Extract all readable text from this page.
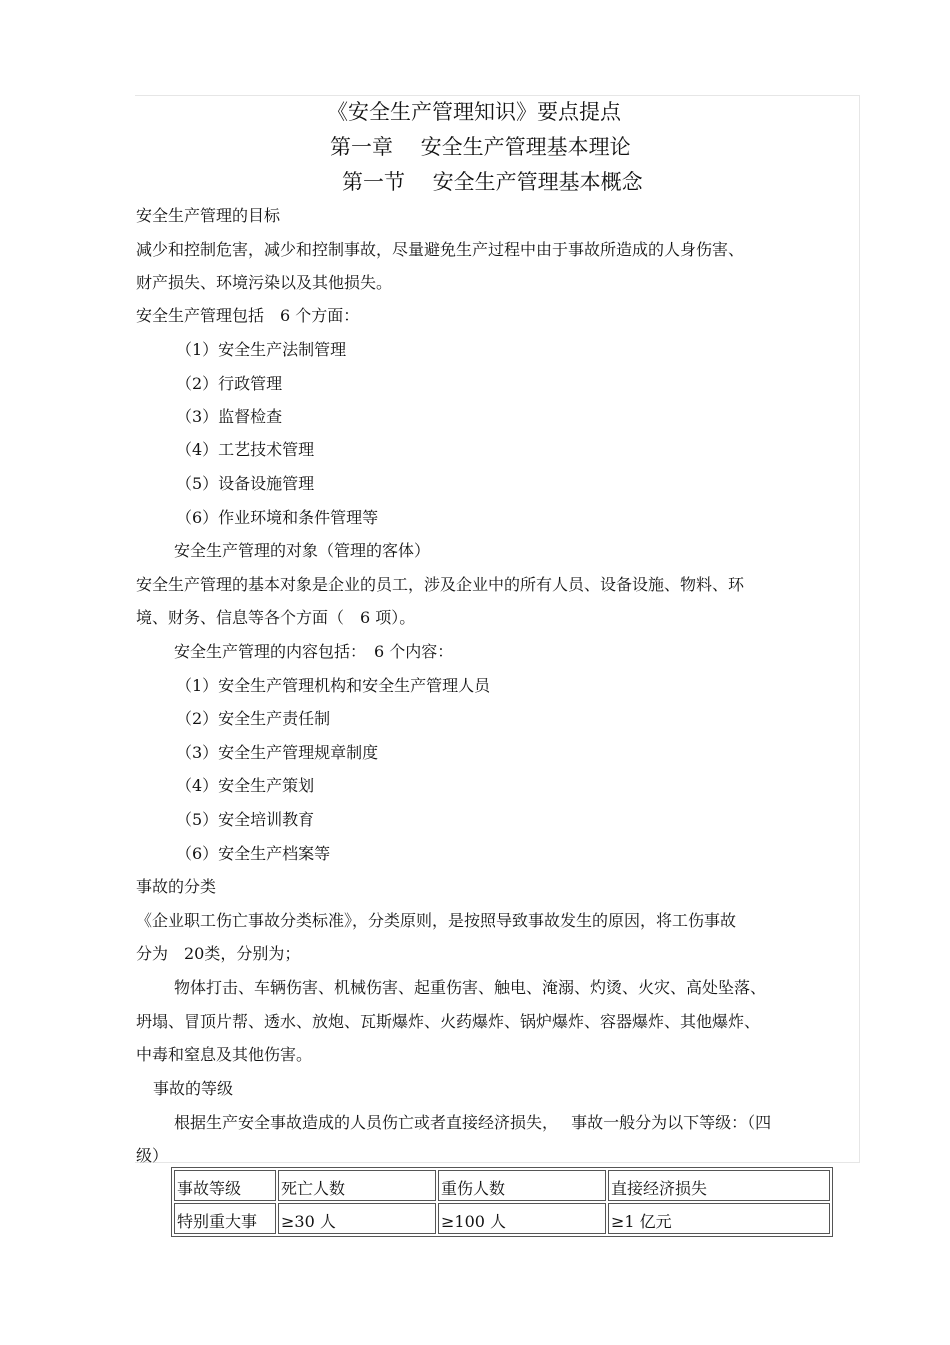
《安全生产管理知识》要点提点
第一章　 安全生产管理基本理论
第一节　 安全生产管理基本概念
安全生产管理的目标
减少和控制危害，减少和控制事故，尽量避免生产过程中由于事故所造成的人身伤害、
财产损失、环境污染以及其他损失。
安全生产管理包括　6 个方面：
（1）安全生产法制管理
（2）行政管理
（3）监督检查
（4）工艺技术管理
（5）设备设施管理
（6）作业环境和条件管理等
安全生产管理的对象（管理的客体）
安全生产管理的基本对象是企业的员工，涉及企业中的所有人员、设备设施、物料、环
境、财务、信息等各个方面（　6 项）。
安全生产管理的内容包括：　6 个内容：
（1）安全生产管理机构和安全生产管理人员
（2）安全生产责任制
（3）安全生产管理规章制度
（4）安全生产策划
（5）安全培训教育
（6）安全生产档案等
事故的分类
《企业职工伤亡事故分类标准》，分类原则，是按照导致事故发生的原因，将工伤事故
分为　20类，分别为；
物体打击、车辆伤害、机械伤害、起重伤害、触电、淹溺、灼烫、火灾、高处坠落、
坍塌、冒顶片帮、透水、放炮、瓦斯爆炸、火药爆炸、锅炉爆炸、容器爆炸、其他爆炸、
中毒和窒息及其他伤害。
事故的等级
根据生产安全事故造成的人员伤亡或者直接经济损失，　 事故一般分为以下等级：（四
级）
事故等级	死亡人数	重伤人数	直接经济损失
特别重大事	≥30 人	≥100 人	≥1 亿元
